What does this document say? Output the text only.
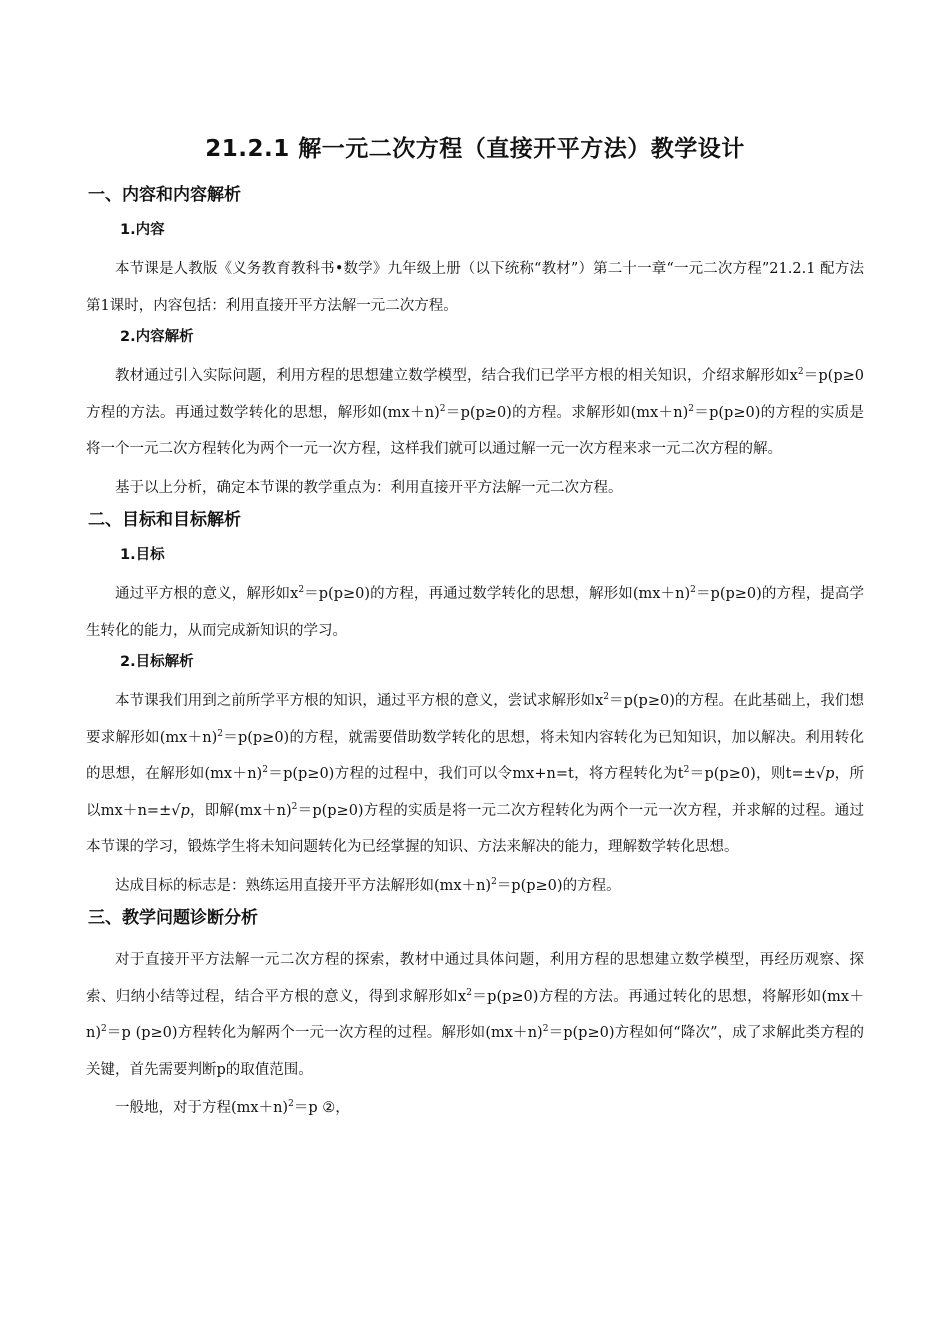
21.2.1 解一元二次方程（直接开平方法）教学设计
一、内容和内容解析
1.内容

本节课是人教版《义务教育教科书•数学》九年级上册（以下统称“教材”）第二十一章“一元二次方程”21.2.1 配方法第1课时，内容包括：利用直接开平方法解一元二次方程。

2.内容解析

教材通过引入实际问题，利用方程的思想建立数学模型，结合我们已学平方根的相关知识，介绍求解形如$x^2=p(p\ge 0$方程的方法。再通过数学转化的思想，解形如$(mx+n)^2=p(p\ge 0)$的方程。求解形如$(mx+n)^2=p(p\ge 0)$的方程的实质是将一个一元二次方程转化为两个一元一次方程，这样我们就可以通过解一元一次方程来求一元二次方程的解。

基于以上分析，确定本节课的教学重点为：利用直接开平方法解一元二次方程。

二、目标和目标解析
1.目标

通过平方根的意义，解形如$x^2=p(p\ge 0)$的方程，再通过数学转化的思想，解形如$(mx+n)^2=p(p\ge 0)$的方程，提高学生转化的能力，从而完成新知识的学习。

2.目标解析

本节课我们用到之前所学平方根的知识，通过平方根的意义，尝试求解形如$x^2=p(p\ge 0)$的方程。在此基础上，我们想要求解形如$(mx+n)^2=p(p\ge 0)$的方程，就需要借助数学转化的思想，将未知内容转化为已知知识，加以解决。利用转化的思想，在解形如$(mx+n)^2=p(p\ge 0)$方程的过程中，我们可以令mx+n=t，将方程转化为$t^2=p(p\ge 0)$，则t=±√p，所以mx＋n=±√p，即解$(mx+n)^2=p(p\ge 0)$方程的实质是将一元二次方程转化为两个一元一次方程，并求解的过程。通过本节课的学习，锻炼学生将未知问题转化为已经掌握的知识、方法来解决的能力，理解数学转化思想。

达成目标的标志是：熟练运用直接开平方法解形如$(mx+n)^2=p(p\ge 0)$的方程。

三、教学问题诊断分析

对于直接开平方法解一元二次方程的探索，教材中通过具体问题，利用方程的思想建立数学模型，再经历观察、探索、归纳小结等过程，结合平方根的意义，得到求解形如$x^2=p(p\ge 0)$方程的方法。再通过转化的思想，将解形如$(mx+n)^2=p$ (p≥0)方程转化为解两个一元一次方程的过程。解形如$(mx+n)^2=p(p\ge 0)$方程如何“降次”，成了求解此类方程的关键，首先需要判断p的取值范围。

一般地，对于方程$(mx+n)^2=p$ ②，
